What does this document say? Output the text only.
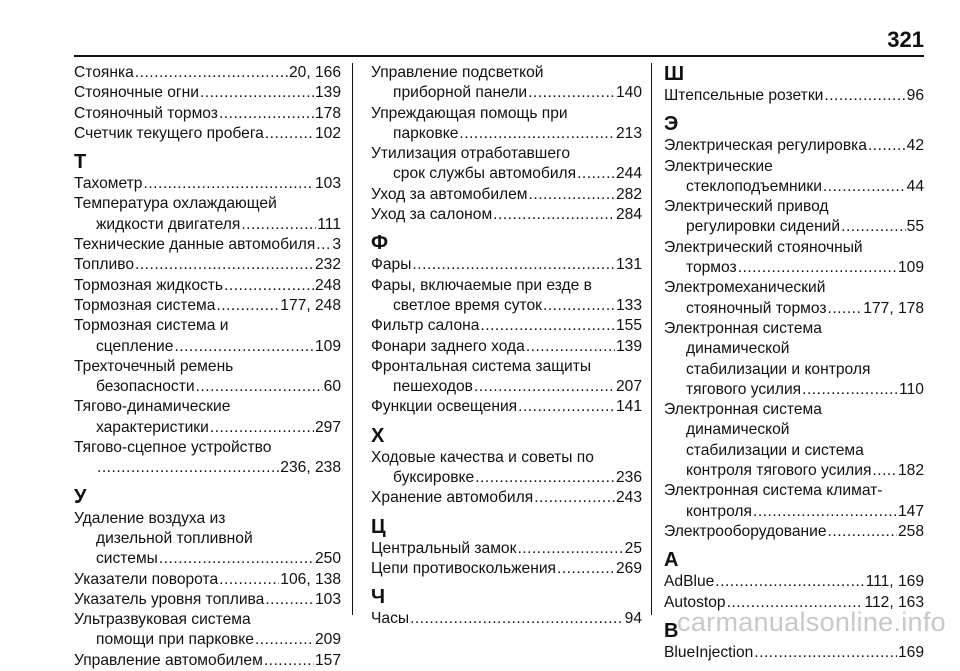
321
Стоянка .....	20, 166
Стояночные огни .....	139
Стояночный тормоз .....	178
Счетчик текущего пробега .....	102
Т
Тахометр .....	103
Температура охлаждающей
жидкости двигателя .....	111
Технические данные автомобиля ..... 3
Топливо .....	232
Тормозная жидкость .....	248
Тормозная система .....	177, 248
Тормозная система и
сцепление .....	109
Трехточечный ремень
безопасности .....	60
Тягово-динамические
характеристики .....	297
Тягово-сцепное устройство
.....
236, 238
У
Удаление воздуха из
дизельной топливной
системы .....	250
Указатели поворота .....	106, 138
Указатель уровня топлива .....	103
Ультразвуковая система
помощи при парковке .....	209
Управление автомобилем .....	157
Управление подсветкой
приборной панели .....	140
Упреждающая помощь при
парковке .....	213
Утилизация отработавшего
срок службы автомобиля .....	244
Уход за автомобилем .....	282
Уход за салоном .....	284
Ф
Фары .....	131
Фары, включаемые при езде в
светлое время суток .....	133
Фильтр салона .....	155
Фонари заднего хода .....	139
Фронтальная система защиты
пешеходов .....	207
Функции освещения .....	141
Х
Ходовые качества и советы по
буксировке .....	236
Хранение автомобиля .....	243
Ц
Центральный замок .....	25
Цепи противоскольжения .....	269
Ч
Часы .....	94
Ш
Штепсельные розетки .....	96
Э
Электрическая регулировка .....	42
Электрические
стеклоподъемники .....	44
Электрический привод
регулировки сидений .....	55
Электрический стояночный
тормоз .....	109
Электромеханический
стояночный тормоз ..... 177, 178
Электронная система
динамической
стабилизации и контроля
тягового усилия .....	110
Электронная система
динамической
стабилизации и система
контроля тягового усилия ..... 182
Электронная система климат-
контроля .....	147
Электрооборудование .....	258
A
AdBlue .....	111, 169
Autostop .....	112, 163
B
BlueInjection .....	169
carmanualsonline.info
